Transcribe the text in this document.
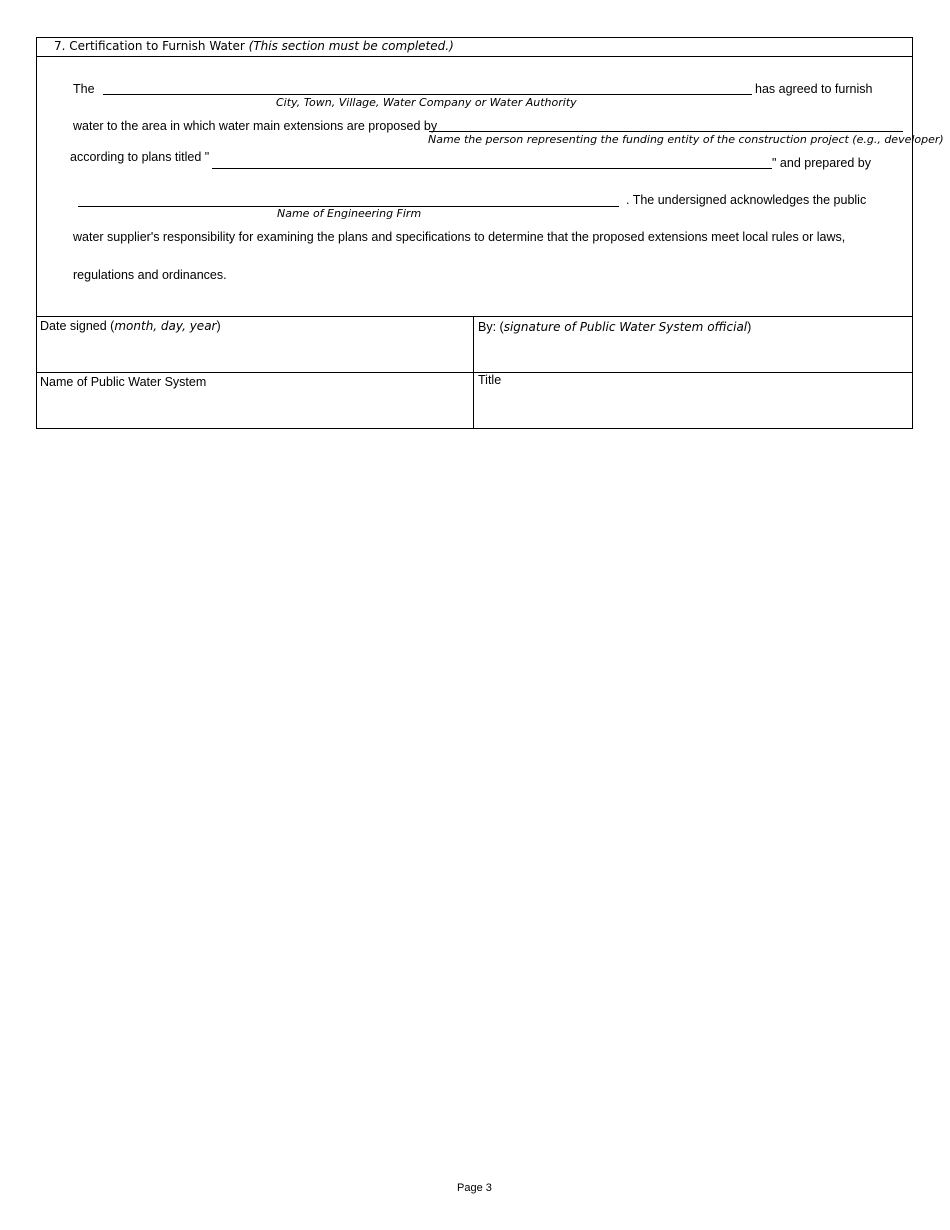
7. Certification to Furnish Water (This section must be completed.)
The	has agreed to furnish
City, Town, Village, Water Company or Water Authority
water to the area in which water main extensions are proposed by
Name the person representing the funding entity of the construction project (e.g., developer)
according to plans titled "	" and prepared by
. The undersigned acknowledges the public
Name of Engineering Firm
water supplier's responsibility for examining the plans and specifications to determine that the proposed extensions meet local rules or laws,
regulations and ordinances.
Date signed (month, day, year)	By: (signature of Public Water System official)
Name of Public Water System	Title
Page 3
